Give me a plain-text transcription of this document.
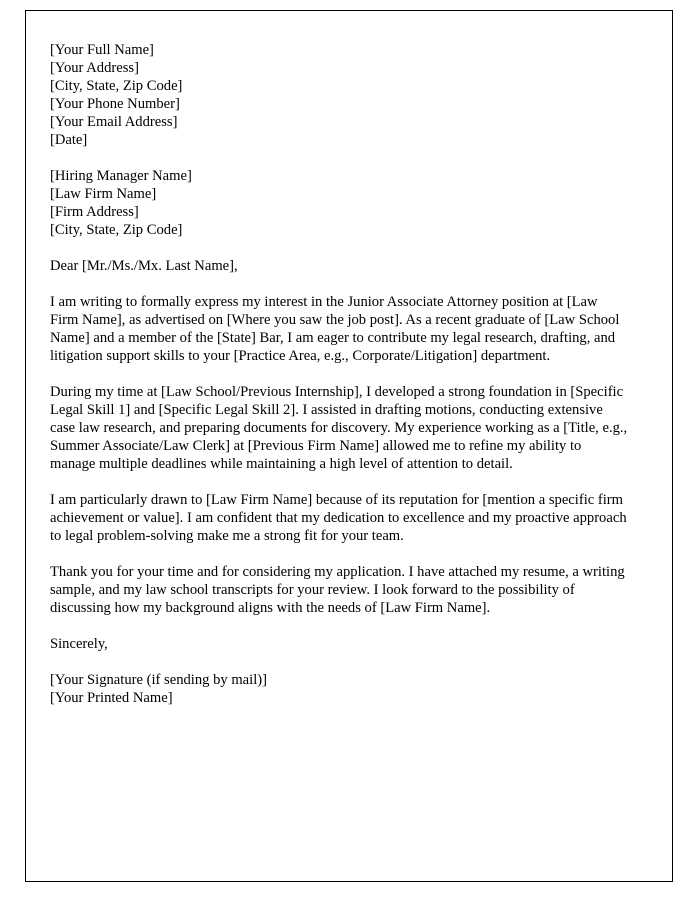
[Your Full Name]
[Your Address]
[City, State, Zip Code]
[Your Phone Number]
[Your Email Address]
[Date]
[Hiring Manager Name]
[Law Firm Name]
[Firm Address]
[City, State, Zip Code]
Dear [Mr./Ms./Mx. Last Name],

I am writing to formally express my interest in the Junior Associate Attorney position at [Law Firm Name], as advertised on [Where you saw the job post]. As a recent graduate of [Law School Name] and a member of the [State] Bar, I am eager to contribute my legal research, drafting, and litigation support skills to your [Practice Area, e.g., Corporate/Litigation] department.

During my time at [Law School/Previous Internship], I developed a strong foundation in [Specific Legal Skill 1] and [Specific Legal Skill 2]. I assisted in drafting motions, conducting extensive case law research, and preparing documents for discovery. My experience working as a [Title, e.g., Summer Associate/Law Clerk] at [Previous Firm Name] allowed me to refine my ability to manage multiple deadlines while maintaining a high level of attention to detail.

I am particularly drawn to [Law Firm Name] because of its reputation for [mention a specific firm achievement or value]. I am confident that my dedication to excellence and my proactive approach to legal problem-solving make me a strong fit for your team.

Thank you for your time and for considering my application. I have attached my resume, a writing sample, and my law school transcripts for your review. I look forward to the possibility of discussing how my background aligns with the needs of [Law Firm Name].

Sincerely,
[Your Signature (if sending by mail)]
[Your Printed Name]
